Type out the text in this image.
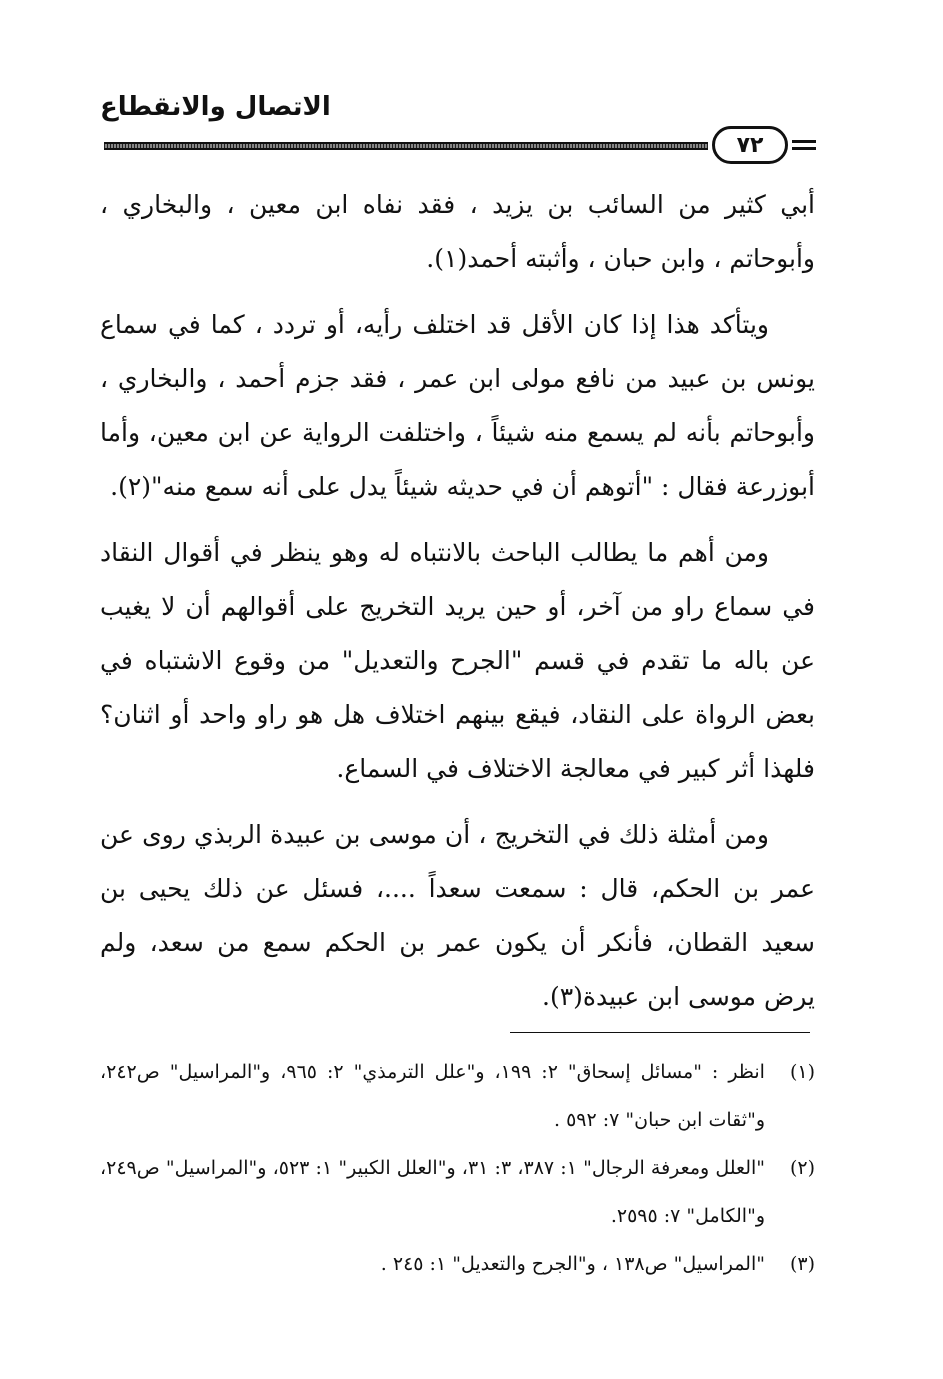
الاتصال والانقطاع
٧٢

أبي كثير من السائب بن يزيد ، فقد نفاه ابن معين ، والبخاري ، وأبوحاتم ، وابن حبان ، وأثبته أحمد(١).

ويتأكد هذا إذا كان الأقل قد اختلف رأيه، أو تردد ، كما في سماع يونس بن عبيد من نافع مولى ابن عمر ، فقد جزم أحمد ، والبخاري ، وأبوحاتم بأنه لم يسمع منه شيئاً ، واختلفت الرواية عن ابن معين، وأما أبوزرعة فقال : "أتوهم أن في حديثه شيئاً يدل على أنه سمع منه"(٢).

ومن أهم ما يطالب الباحث بالانتباه له وهو ينظر في أقوال النقاد في سماع راو من آخر، أو حين يريد التخريج على أقوالهم أن لا يغيب عن باله ما تقدم في قسم "الجرح والتعديل" من وقوع الاشتباه في بعض الرواة على النقاد، فيقع بينهم اختلاف هل هو راو واحد أو اثنان؟ فلهذا أثر كبير في معالجة الاختلاف في السماع.

ومن أمثلة ذلك في التخريج ، أن موسى بن عبيدة الربذي روى عن عمر بن الحكم، قال : سمعت سعداً ....، فسئل عن ذلك يحيى بن سعيد القطان، فأنكر أن يكون عمر بن الحكم سمع من سعد، ولم يرض موسى ابن عبيدة(٣).

(١)
انظر : "مسائل إسحاق" ٢: ١٩٩، و"علل الترمذي" ٢: ٩٦٥، و"المراسيل" ص٢٤٢، و"ثقات ابن حبان" ٧: ٥٩٢ .
(٢)
"العلل ومعرفة الرجال" ١: ٣٨٧، ٣: ٣١، و"العلل الكبير" ١: ٥٢٣، و"المراسيل" ص٢٤٩، و"الكامل" ٧: ٢٥٩٥.
(٣)
"المراسيل" ص١٣٨ ، و"الجرح والتعديل" ١: ٢٤٥ .
